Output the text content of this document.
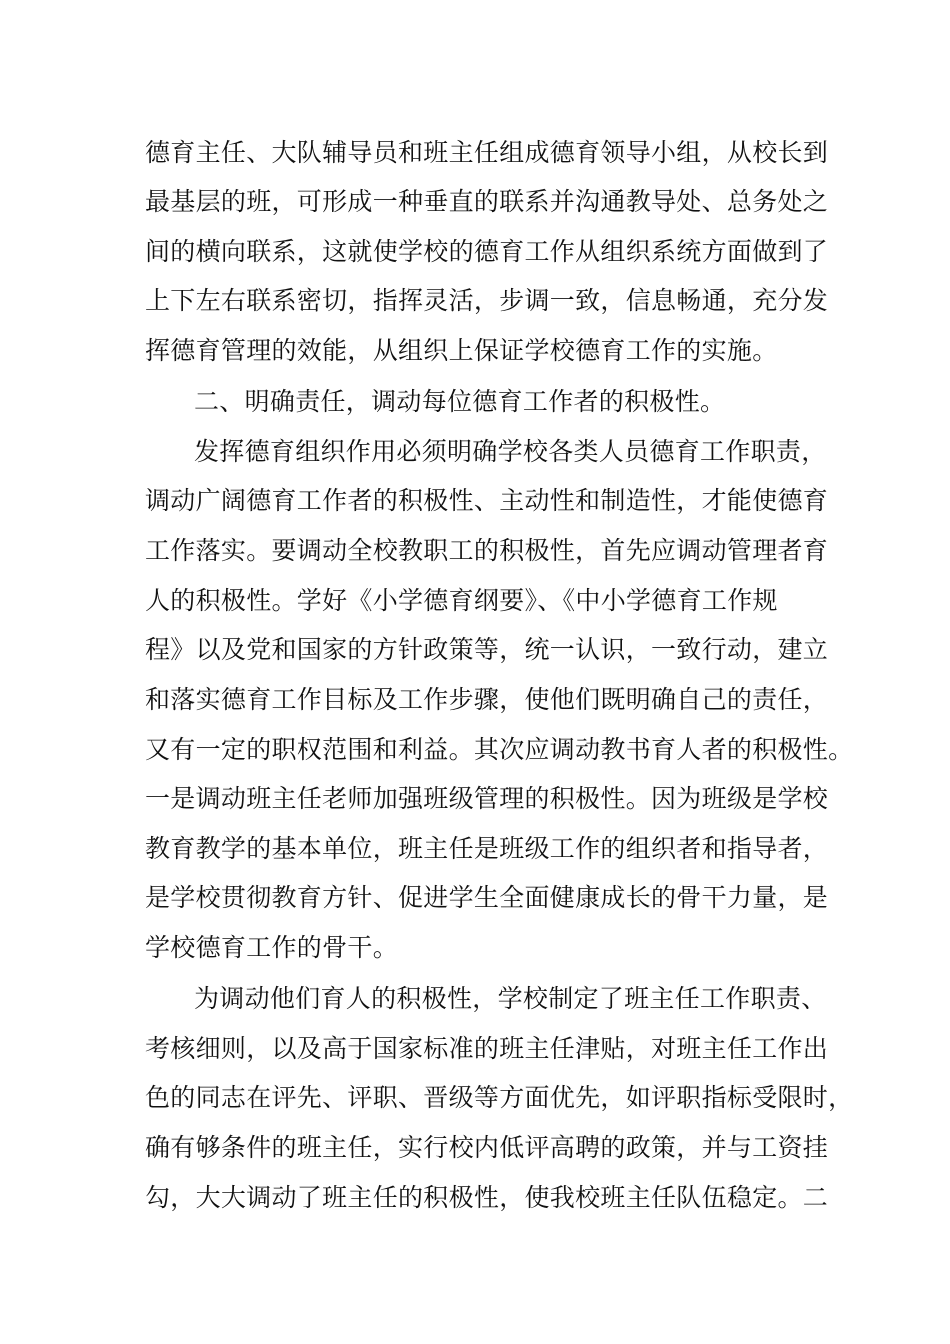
德育主任、大队辅导员和班主任组成德育领导小组，从校长到
最基层的班，可形成一种垂直的联系并沟通教导处、总务处之
间的横向联系，这就使学校的德育工作从组织系统方面做到了
上下左右联系密切，指挥灵活，步调一致，信息畅通，充分发
挥德育管理的效能，从组织上保证学校德育工作的实施。
二、明确责任，调动每位德育工作者的积极性。
发挥德育组织作用必须明确学校各类人员德育工作职责，
调动广阔德育工作者的积极性、主动性和制造性，才能使德育
工作落实。要调动全校教职工的积极性，首先应调动管理者育
人的积极性。学好《小学德育纲要》、《中小学德育工作规
程》以及党和国家的方针政策等，统一认识，一致行动，建立
和落实德育工作目标及工作步骤，使他们既明确自己的责任，
又有一定的职权范围和利益。其次应调动教书育人者的积极性。
一是调动班主任老师加强班级管理的积极性。因为班级是学校
教育教学的基本单位，班主任是班级工作的组织者和指导者，
是学校贯彻教育方针、促进学生全面健康成长的骨干力量，是
学校德育工作的骨干。
为调动他们育人的积极性，学校制定了班主任工作职责、
考核细则，以及高于国家标准的班主任津贴，对班主任工作出
色的同志在评先、评职、晋级等方面优先，如评职指标受限时，
确有够条件的班主任，实行校内低评高聘的政策，并与工资挂
勾，大大调动了班主任的积极性，使我校班主任队伍稳定。二
